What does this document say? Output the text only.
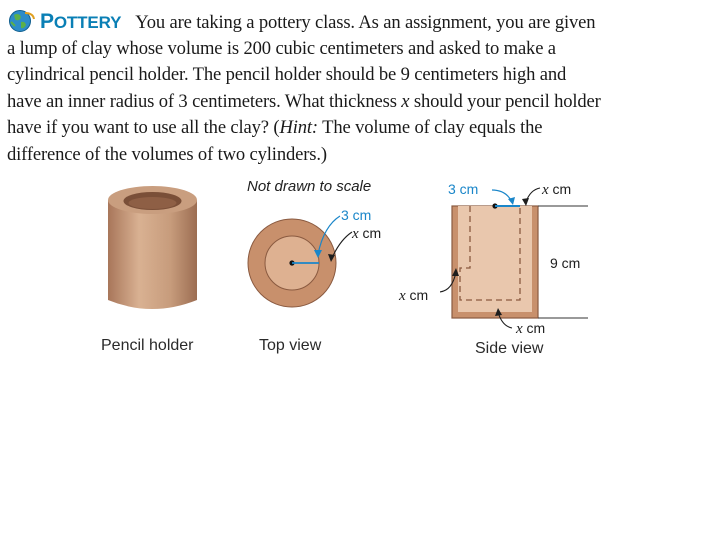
POTTERY You are taking a pottery class. As an assignment, you are given
a lump of clay whose volume is 200 cubic centimeters and asked to make a
cylindrical pencil holder. The pencil holder should be 9 centimeters high and
have an inner radius of 3 centimeters. What thickness x should your pencil holder
have if you want to use all the clay? (Hint: The volume of clay equals the
difference of the volumes of two cylinders.)
Pencil holder
Not drawn to scale
3 cm
x cm
Top view
3 cm	x cm
9 cm
x cm
x cm
Side view
